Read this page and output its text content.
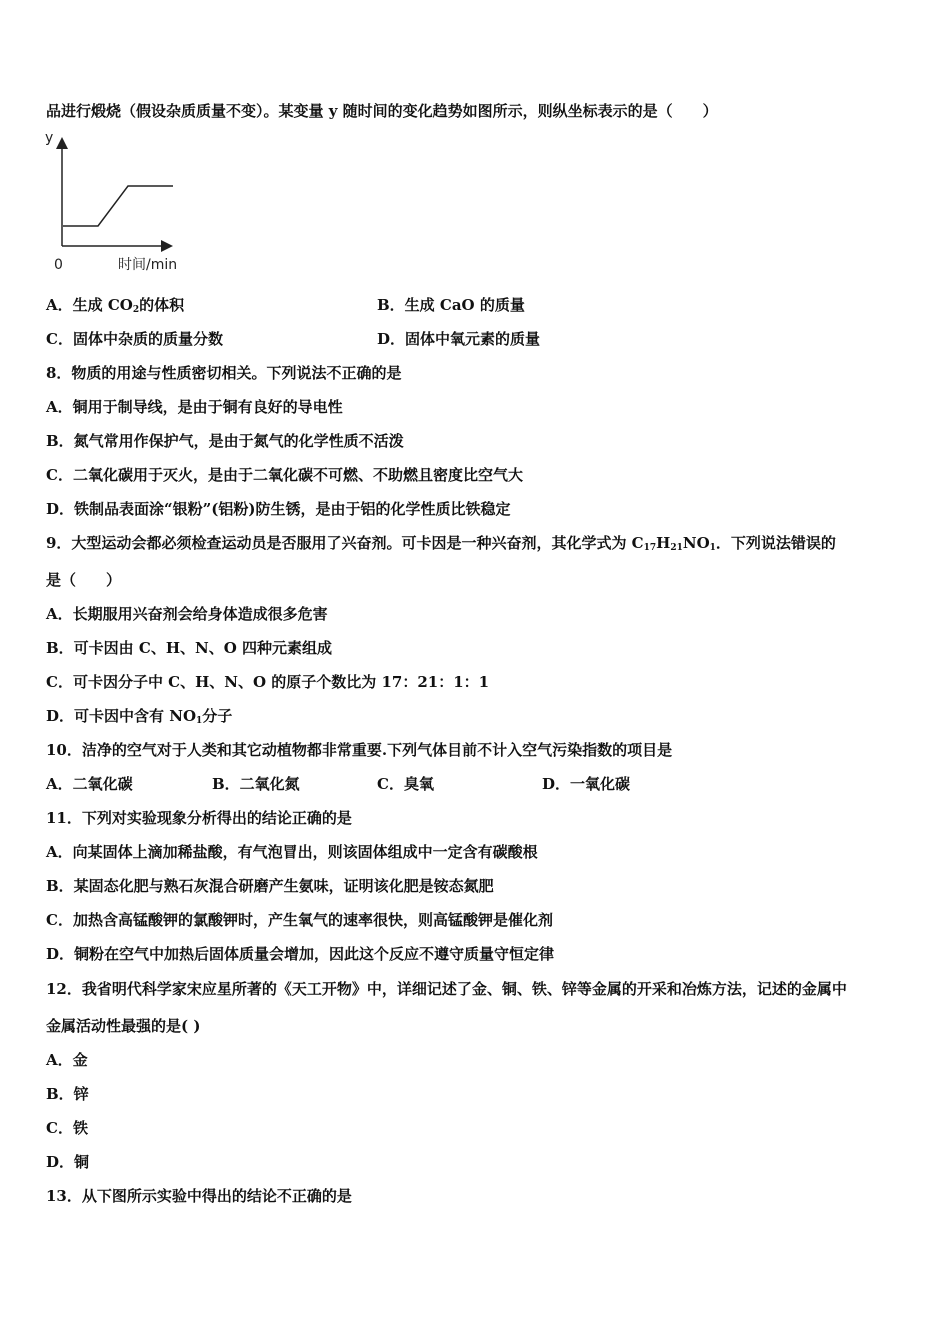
品进行煅烧（假设杂质质量不变）。某变量 y 随时间的变化趋势如图所示，则纵坐标表示的是（　　）
y
0	时间/min
A．生成 $CO_2$的体积	B．生成 CaO 的质量
C．固体中杂质的质量分数	D．固体中氧元素的质量
8．物质的用途与性质密切相关。下列说法不正确的是
A．铜用于制导线，是由于铜有良好的导电性
B．氮气常用作保护气，是由于氮气的化学性质不活泼
C．二氧化碳用于灭火，是由于二氧化碳不可燃、不助燃且密度比空气大
D．铁制品表面涂“银粉”(铝粉)防生锈，是由于铝的化学性质比铁稳定
9．大型运动会都必须检查运动员是否服用了兴奋剂。可卡因是一种兴奋剂，其化学式为 $C_{17}H_{21}NO_1$．下列说法错误的
是（　　）
A．长期服用兴奋剂会给身体造成很多危害
B．可卡因由 C、H、N、O 四种元素组成
C．可卡因分子中 C、H、N、O 的原子个数比为 17：21：1：1
D．可卡因中含有 $NO_1$分子
10．洁净的空气对于人类和其它动植物都非常重要.下列气体目前不计入空气污染指数的项目是
A．二氧化碳	B．二氧化氮	C．臭氧	D．一氧化碳
11．下列对实验现象分析得出的结论正确的是
A．向某固体上滴加稀盐酸，有气泡冒出，则该固体组成中一定含有碳酸根
B．某固态化肥与熟石灰混合研磨产生氨味，证明该化肥是铵态氮肥
C．加热含高锰酸钾的氯酸钾时，产生氧气的速率很快，则高锰酸钾是催化剂
D．铜粉在空气中加热后固体质量会增加，因此这个反应不遵守质量守恒定律
12．我省明代科学家宋应星所著的《天工开物》中，详细记述了金、铜、铁、锌等金属的开采和冶炼方法，记述的金属中
金属活动性最强的是( )
A．金
B．锌
C．铁
D．铜
13．从下图所示实验中得出的结论不正确的是
